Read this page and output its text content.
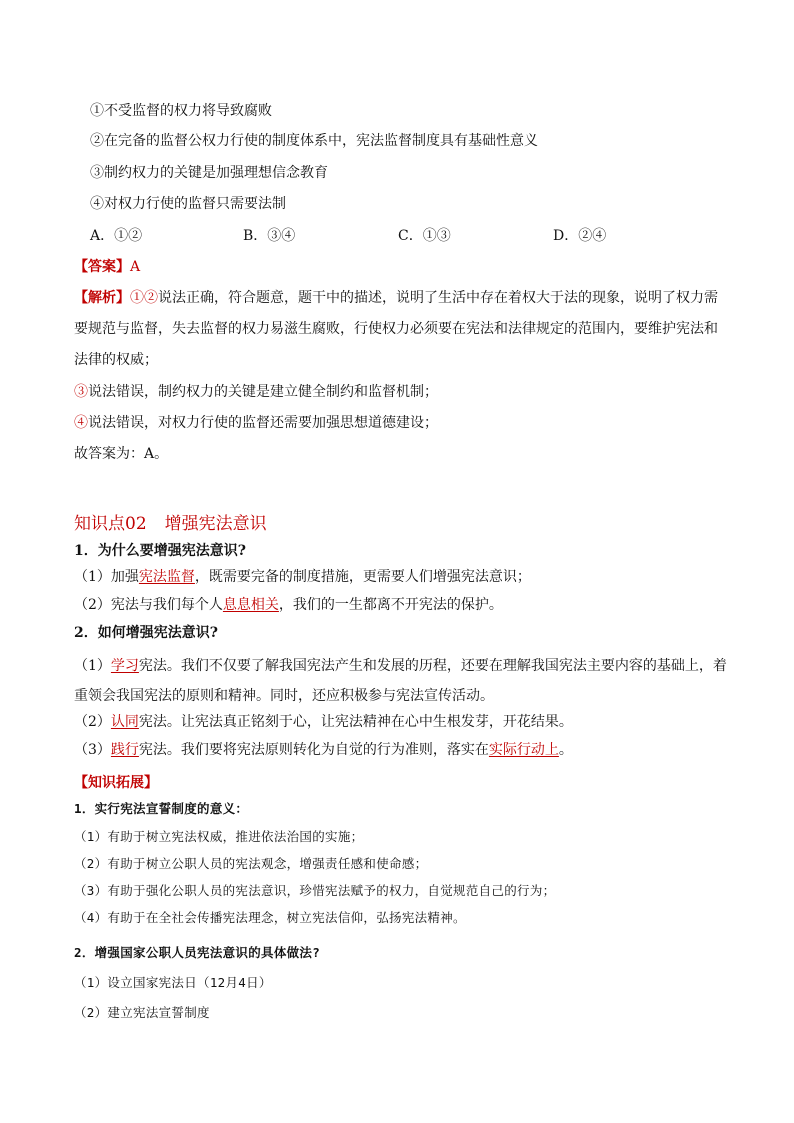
①不受监督的权力将导致腐败
②在完备的监督公权力行使的制度体系中，宪法监督制度具有基础性意义
③制约权力的关键是加强理想信念教育
④对权力行使的监督只需要法制
A．①②	B．③④	C．①③	D．②④
【答案】A
【解析】①②说法正确，符合题意，题干中的描述，说明了生活中存在着权大于法的现象，说明了权力需
要规范与监督，失去监督的权力易滋生腐败，行使权力必须要在宪法和法律规定的范围内，要维护宪法和
法律的权威；
③说法错误，制约权力的关键是建立健全制约和监督机制；
④说法错误，对权力行使的监督还需要加强思想道德建设；
故答案为：A。
知识点02 增强宪法意识
1．为什么要增强宪法意识?
（1）加强宪法监督，既需要完备的制度措施，更需要人们增强宪法意识；
（2）宪法与我们每个人息息相关，我们的一生都离不开宪法的保护。
2．如何增强宪法意识?
（1）学习宪法。我们不仅要了解我国宪法产生和发展的历程，还要在理解我国宪法主要内容的基础上，着
重领会我国宪法的原则和精神。同时，还应积极参与宪法宣传活动。
（2）认同宪法。让宪法真正铭刻于心，让宪法精神在心中生根发芽，开花结果。
（3）践行宪法。我们要将宪法原则转化为自觉的行为准则，落实在实际行动上。
【知识拓展】
1．实行宪法宣誓制度的意义：
（1）有助于树立宪法权威，推进依法治国的实施；
（2）有助于树立公职人员的宪法观念，增强责任感和使命感；
（3）有助于强化公职人员的宪法意识，珍惜宪法赋予的权力，自觉规范自己的行为；
（4）有助于在全社会传播宪法理念，树立宪法信仰，弘扬宪法精神。
2．增强国家公职人员宪法意识的具体做法?
（1）设立国家宪法日（12月4日）
（2）建立宪法宣誓制度
